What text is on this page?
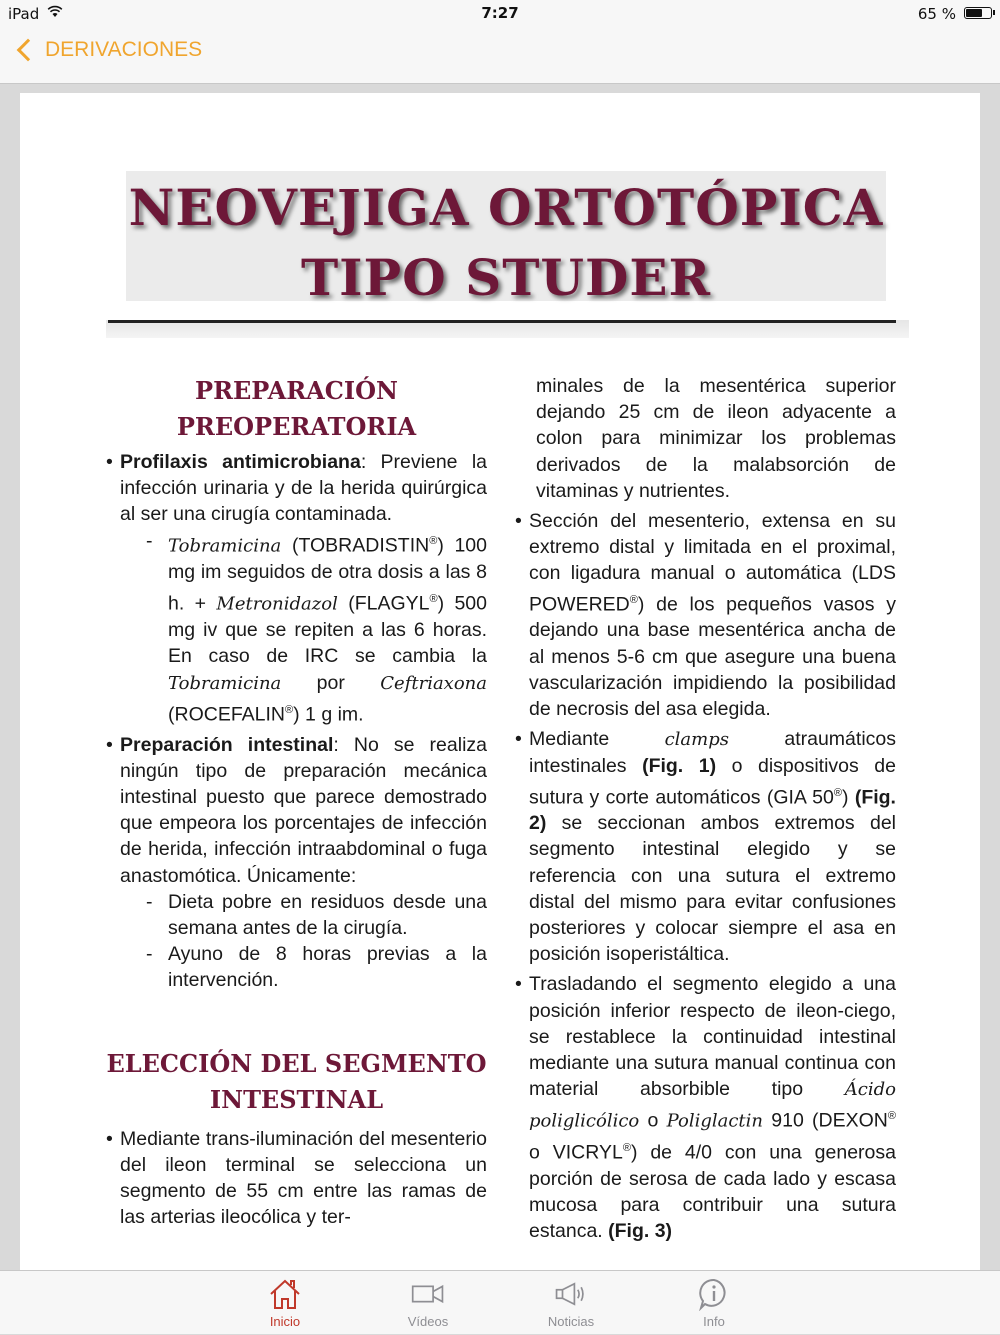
iPad	7:27	65 %
DERIVACIONES
NEOVEJIGA ORTOTÓPICA
TIPO STUDER

PREPARACIÓN
PREOPERATORIA

• Profilaxis antimicrobiana: Previene la infección urinaria y de la herida quirúrgica al ser una cirugía contaminada.

- Tobramicina (TOBRADISTIN®) 100 mg im seguidos de otra dosis a las 8 h. + Metronidazol (FLAGYL®) 500 mg iv que se repiten a las 6 horas. En caso de IRC se cambia la Tobramicina por Ceftriaxona (ROCEFALIN®) 1 g im.

• Preparación intestinal: No se realiza ningún tipo de preparación mecánica intestinal puesto que parece demostrado que empeora los porcentajes de infección de herida, infección intraabdominal o fuga anastomótica. Únicamente:

- Dieta pobre en residuos desde una semana antes de la cirugía.

- Ayuno de 8 horas previas a la intervención.

ELECCIÓN DEL SEGMENTO
INTESTINAL

• Mediante trans-iluminación del mesenterio del ileon terminal se selecciona un segmento de 55 cm entre las ramas de las arterias ileocólica y ter-

minales de la mesentérica superior dejando 25 cm de ileon adyacente a colon para minimizar los problemas derivados de la malabsorción de vitaminas y nutrientes.

• Sección del mesenterio, extensa en su extremo distal y limitada en el proximal, con ligadura manual o automática (LDS POWERED®) de los pequeños vasos y dejando una base mesentérica ancha de al menos 5-6 cm que asegure una buena vascularización impidiendo la posibilidad de necrosis del asa elegida.

• Mediante clamps atraumáticos intestinales (Fig. 1) o dispositivos de sutura y corte automáticos (GIA 50®) (Fig. 2) se seccionan ambos extremos del segmento intestinal elegido y se referencia con una sutura el extremo distal del mismo para evitar confusiones posteriores y colocar siempre el asa en posición isoperistáltica.

• Trasladando el segmento elegido a una posición inferior respecto de ileon-ciego, se restablece la continuidad intestinal mediante una sutura manual continua con material absorbible tipo Ácido poliglicólico o Poliglactin 910 (DEXON® o VICRYL®) de 4/0 con una generosa porción de serosa de cada lado y escasa mucosa para contribuir una sutura estanca. (Fig. 3)

Inicio	Vídeos	Noticias	Info
